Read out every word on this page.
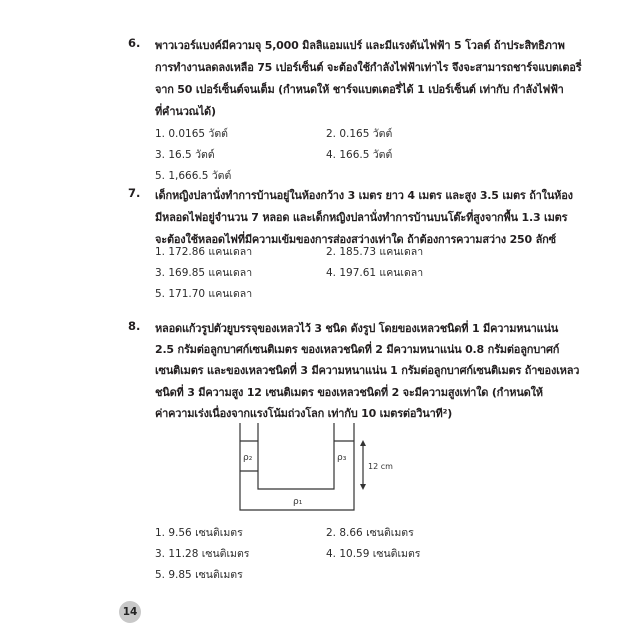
6. พาวเวอร์แบงค์มีความจุ 5,000 มิลลิแอมแปร์ และมีแรงดันไฟฟ้า 5 โวลต์ ถ้าประสิทธิภาพ
การทำงานลดลงเหลือ 75 เปอร์เซ็นต์ จะต้องใช้กำลังไฟฟ้าเท่าไร จึงจะสามารถชาร์จแบตเตอรี่
จาก 50 เปอร์เซ็นต์จนเต็ม (กำหนดให้ ชาร์จแบตเตอรี่ได้ 1 เปอร์เซ็นต์ เท่ากับ กำลังไฟฟ้า
ที่คำนวณได้)
1. 0.0165 วัตต์	2. 0.165 วัตต์
3. 16.5 วัตต์	4. 166.5 วัตต์
5. 1,666.5 วัตต์
7. เด็กหญิงปลานั่งทำการบ้านอยู่ในห้องกว้าง 3 เมตร ยาว 4 เมตร และสูง 3.5 เมตร ถ้าในห้อง
มีหลอดไฟอยู่จำนวน 7 หลอด และเด็กหญิงปลานั่งทำการบ้านบนโต๊ะที่สูงจากพื้น 1.3 เมตร
จะต้องใช้หลอดไฟที่มีความเข้มของการส่องสว่างเท่าใด ถ้าต้องการความสว่าง 250 ลักซ์
1. 172.86 แคนเดลา	2. 185.73 แคนเดลา
3. 169.85 แคนเดลา	4. 197.61 แคนเดลา
5. 171.70 แคนเดลา
8. หลอดแก้วรูปตัวยูบรรจุของเหลวไว้ 3 ชนิด ดังรูป โดยของเหลวชนิดที่ 1 มีความหนาแน่น
2.5 กรัมต่อลูกบาศก์เซนติเมตร ของเหลวชนิดที่ 2 มีความหนาแน่น 0.8 กรัมต่อลูกบาศก์
เซนติเมตร และของเหลวชนิดที่ 3 มีความหนาแน่น 1 กรัมต่อลูกบาศก์เซนติเมตร ถ้าของเหลว
ชนิดที่ 3 มีความสูง 12 เซนติเมตร ของเหลวชนิดที่ 2 จะมีความสูงเท่าใด (กำหนดให้
ค่าความเร่งเนื่องจากแรงโน้มถ่วงโลก เท่ากับ 10 เมตรต่อวินาที²)
ρ₂	ρ₃
ρ₁
12 cm
1. 9.56 เซนติเมตร	2. 8.66 เซนติเมตร
3. 11.28 เซนติเมตร	4. 10.59 เซนติเมตร
5. 9.85 เซนติเมตร
14
